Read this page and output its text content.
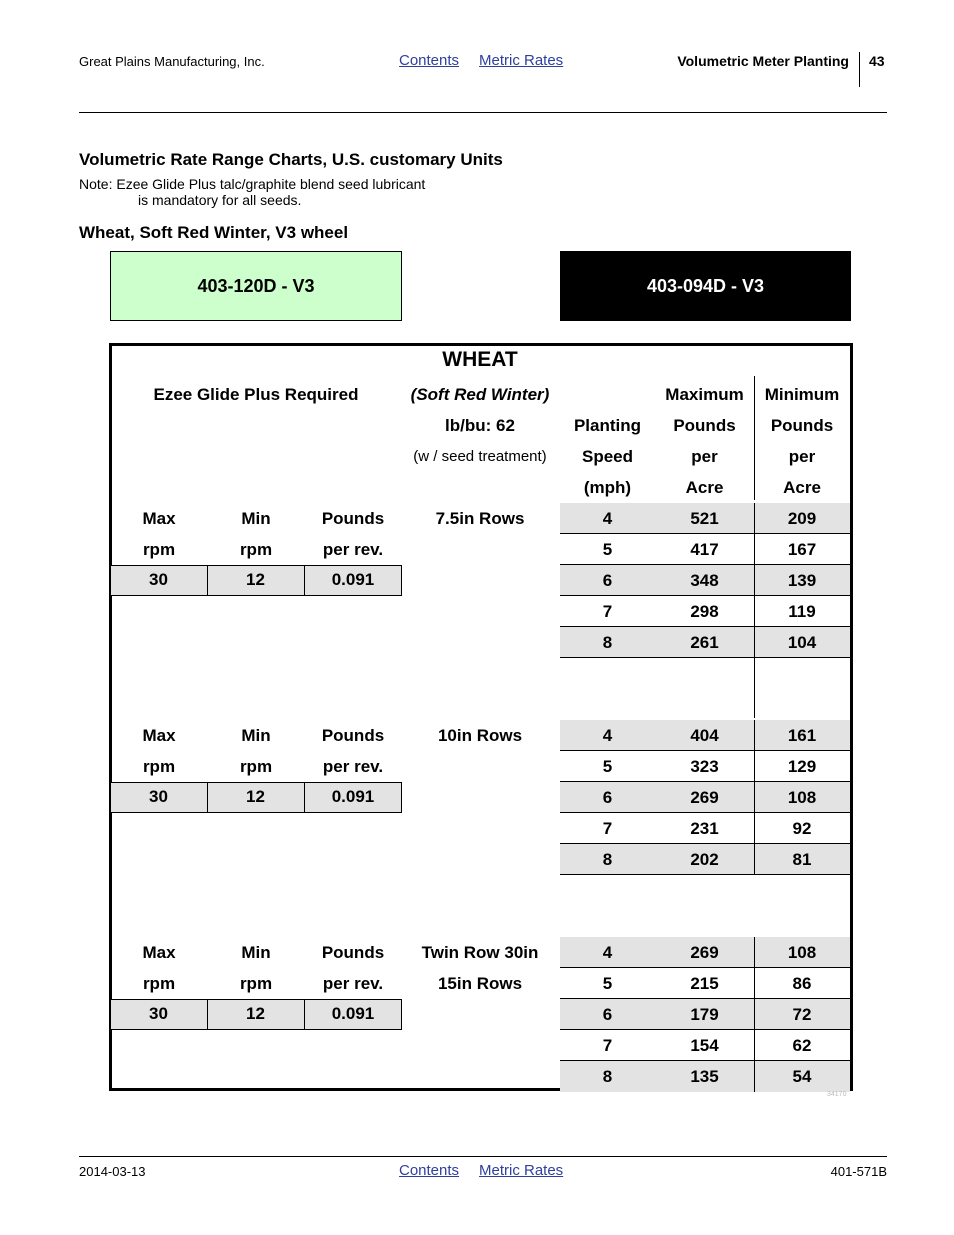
Great Plains Manufacturing, Inc.	Contents Metric Rates	Volumetric Meter Planting 43
Volumetric Rate Range Charts, U.S. customary Units
Note: Ezee Glide Plus talc/graphite blend seed lubricant
is mandatory for all seeds.
Wheat, Soft Red Winter, V3 wheel
403-120D - V3	403-094D - V3
WHEAT
Ezee Glide Plus Required	(Soft Red Winter)
lb/bu: 62
(w / seed treatment)
Planting
Speed
(mph)
Maximum
Pounds
per
Acre
Minimum
Pounds
per
Acre
Max
rpm
Min
rpm
Pounds
per rev.
7.5in Rows
30	12	0.091
4	521	209
5	417	167
6	348	139
7	298	119
8	261	104
Max
rpm
Min
rpm
Pounds
per rev.
10in Rows
30	12	0.091
4	404	161
5	323	129
6	269	108
7	231	92
8	202	81
Max
rpm
Min
rpm
Pounds
per rev.
Twin Row 30in
15in Rows
30	12	0.091
4	269	108
5	215	86
6	179	72
7	154	62
8	135	54
34170
2014-03-13	Contents Metric Rates	401-571B
